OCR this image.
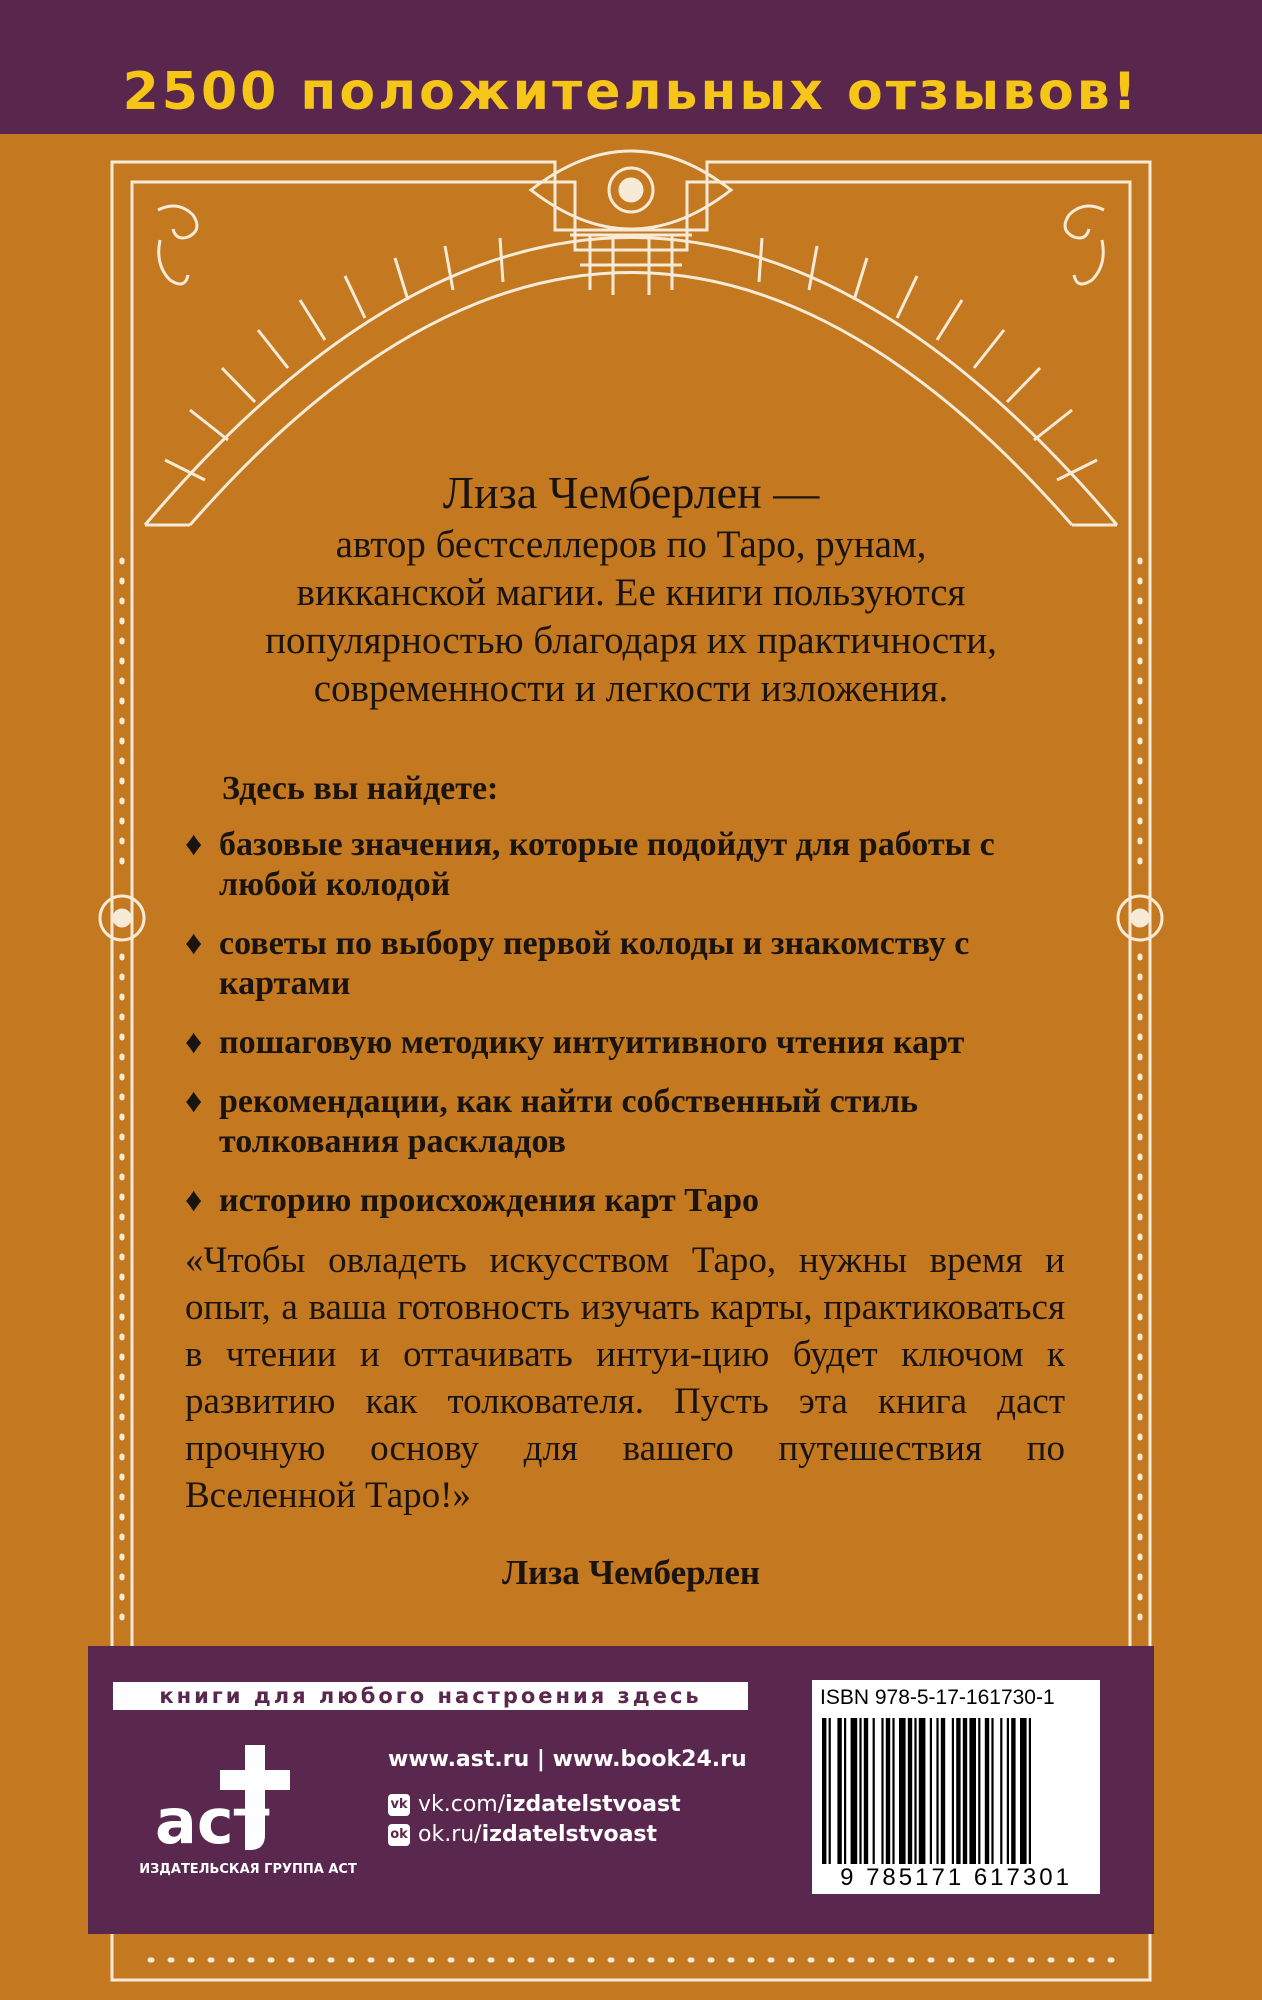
2500 положительных отзывов!
Лиза Чемберлен —
автор бестселлеров по Таро, рунам,
викканской магии. Ее книги пользуются
популярностью благодаря их практичности,
современности и легкости изложения.
Здесь вы найдете:
♦ базовые значения, которые подойдут для работы с любой колодой
♦ советы по выбору первой колоды и знакомству с картами
♦ пошаговую методику интуитивного чтения карт
♦ рекомендации, как найти собственный стиль толкования раскладов
♦ историю происхождения карт Таро
«Чтобы овладеть искусством Таро, нужны время и опыт, а ваша готовность изучать карты, практиковаться в чтении и оттачивать интуи-цию будет ключом к развитию как толкователя. Пусть эта книга даст прочную основу для вашего путешествия по Вселенной Таро!»
Лиза Чемберлен
книги для любого настроения здесь
аст
ИЗДАТЕЛЬСКАЯ ГРУППА АСТ
www.ast.ru | www.book24.ru
vk vk.com/ izdatelstvoast
ok ok.ru/ izdatelstvoast
ISBN 978-5-17-161730-1
9 785171 617301
